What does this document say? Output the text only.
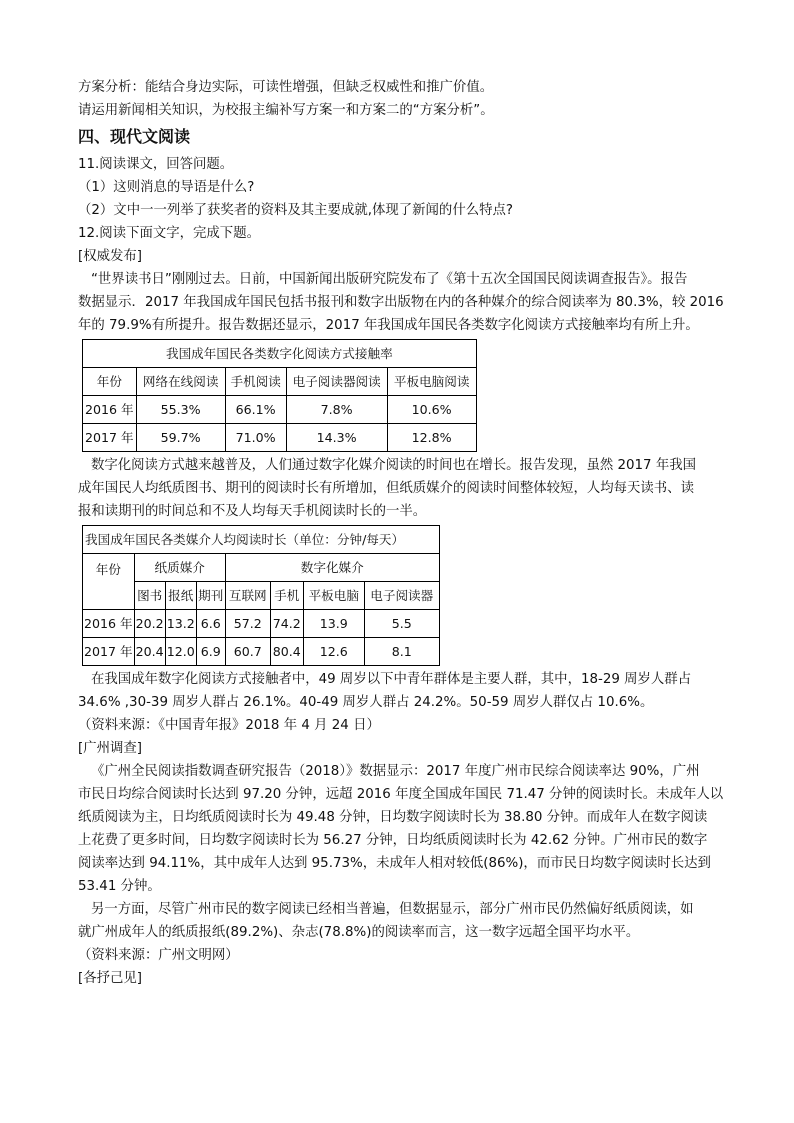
方案分析：能结合身边实际，可读性增强，但缺乏权威性和推广价值。
请运用新闻相关知识，为校报主编补写方案一和方案二的“方案分析”。
四、现代文阅读
11.阅读课文，回答问题。
（1）这则消息的导语是什么?
（2）文中一一列举了获奖者的资料及其主要成就,体现了新闻的什么特点?
12.阅读下面文字，完成下题。
[权威发布]
“世界读书日”刚刚过去。日前，中国新闻出版研究院发布了《第十五次全国国民阅读调查报告》。报告
数据显示．2017 年我国成年国民包括书报刊和数字出版物在内的各种媒介的综合阅读率为 80.3%，较 2016
年的 79.9%有所提升。报告数据还显示，2017 年我国成年国民各类数字化阅读方式接触率均有所上升。
我国成年国民各类数字化阅读方式接触率				
年份	网络在线阅读	手机阅读	电子阅读器阅读	平板电脑阅读
2016 年	55.3%	66.1%	7.8%	10.6%
2017 年	59.7%	71.0%	14.3%	12.8%
数字化阅读方式越来越普及，人们通过数字化媒介阅读的时间也在增长。报告发现，虽然 2017 年我国
成年国民人均纸质图书、期刊的阅读时长有所增加，但纸质媒介的阅读时间整体较短，人均每天读书、读
报和读期刊的时间总和不及人均每天手机阅读时长的一半。
我国成年国民各类媒介人均阅读时长（单位：分钟/每天）							
年份	纸质媒介			数字化媒介			
	图书	报纸	期刊	互联网	手机	平板电脑	电子阅读器
2016 年	20.2	13.2	6.6	57.2	74.2	13.9	5.5
2017 年	20.4	12.0	6.9	60.7	80.4	12.6	8.1
在我国成年数字化阅读方式接触者中，49 周岁以下中青年群体是主要人群，其中，18-29 周岁人群占
34.6% ,30-39 周岁人群占 26.1%。40-49 周岁人群占 24.2%。50-59 周岁人群仅占 10.6%。
（资料来源：《中国青年报》2018 年 4 月 24 日）
[广州调查]
《广州全民阅读指数调查研究报告（2018）》数据显示：2017 年度广州市民综合阅读率达 90%，广州
市民日均综合阅读时长达到 97.20 分钟，远超 2016 年度全国成年国民 71.47 分钟的阅读时长。未成年人以
纸质阅读为主，日均纸质阅读时长为 49.48 分钟，日均数字阅读时长为 38.80 分钟。而成年人在数字阅读
上花费了更多时间，日均数字阅读时长为 56.27 分钟，日均纸质阅读时长为 42.62 分钟。广州市民的数字
阅读率达到 94.11%，其中成年人达到 95.73%，未成年人相对较低(86%)，而市民日均数字阅读时长达到
53.41 分钟。
另一方面，尽管广州市民的数字阅读已经相当普遍，但数据显示，部分广州市民仍然偏好纸质阅读，如
就广州成年人的纸质报纸(89.2%)、杂志(78.8%)的阅读率而言，这一数字远超全国平均水平。
（资料来源：广州文明网）
[各抒己见]
